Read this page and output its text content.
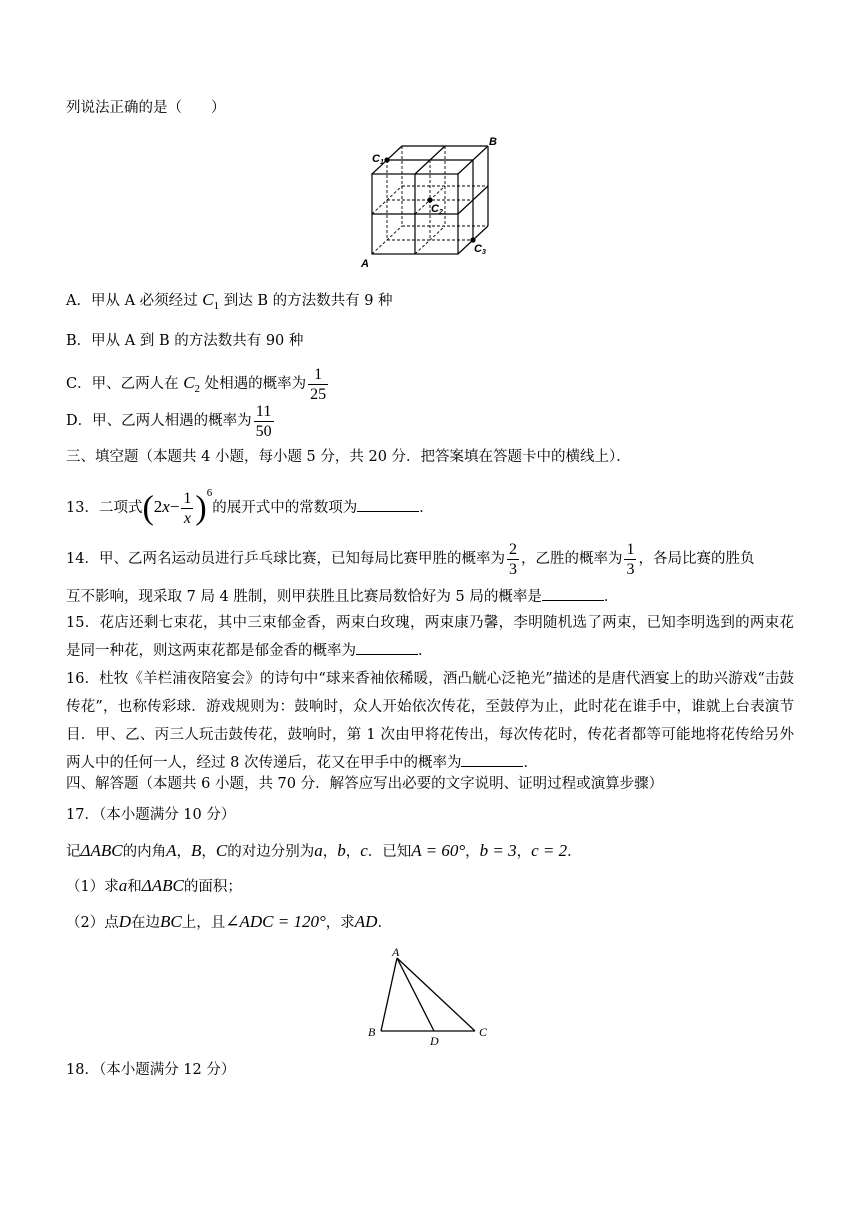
列说法正确的是（　　）
A
B
C1
C2
C3
A．甲从 A 必须经过 $C_1$ 到达 B 的方法数共有 9 种
B．甲从 A 到 B 的方法数共有 90 种
C．甲、乙两人在 $C_2$ 处相遇的概率为 $\frac{1}{25}$
D．甲、乙两人相遇的概率为 $\frac{11}{50}$
三、填空题（本题共 4 小题，每小题 5 分，共 20 分．把答案填在答题卡中的横线上）．
13．二项式$(2x- \frac{1}{x} )^6$的展开式中的常数项为	．
14．甲、乙两名运动员进行乒乓球比赛，已知每局比赛甲胜的概率为 $\frac{2}{3}$ ，乙胜的概率为 $\frac{1}{3}$ ，各局比赛的胜负
互不影响，现采取 7 局 4 胜制，则甲获胜且比赛局数恰好为 5 局的概率是	．
15．花店还剩七束花，其中三束郁金香，两束白玫瑰，两束康乃馨，李明随机选了两束，已知李明选到的两束花是同一种花，则这两束花都是郁金香的概率为	．
16．杜牧《羊栏浦夜陪宴会》的诗句中“球来香袖依稀暖，酒凸觥心泛艳光”描述的是唐代酒宴上的助兴游戏“击鼓传花”，也称传彩球．游戏规则为：鼓响时，众人开始依次传花，至鼓停为止，此时花在谁手中，谁就上台表演节目．甲、乙、丙三人玩击鼓传花，鼓响时，第 1 次由甲将花传出，每次传花时，传花者都等可能地将花传给另外两人中的任何一人，经过 8 次传递后，花又在甲手中的概率为	．
四、解答题（本题共 6 小题，共 70 分．解答应写出必要的文字说明、证明过程或演算步骤）
17．（本小题满分 10 分）
记ΔABC的内角A，B，C的对边分别为a，b，c．已知A = 60°，b = 3，c = 2．
（1）求a和ΔABC的面积；
（2）点D在边BC上，且∠ADC = 120°，求AD．
A
B	C
D
18．（本小题满分 12 分）
